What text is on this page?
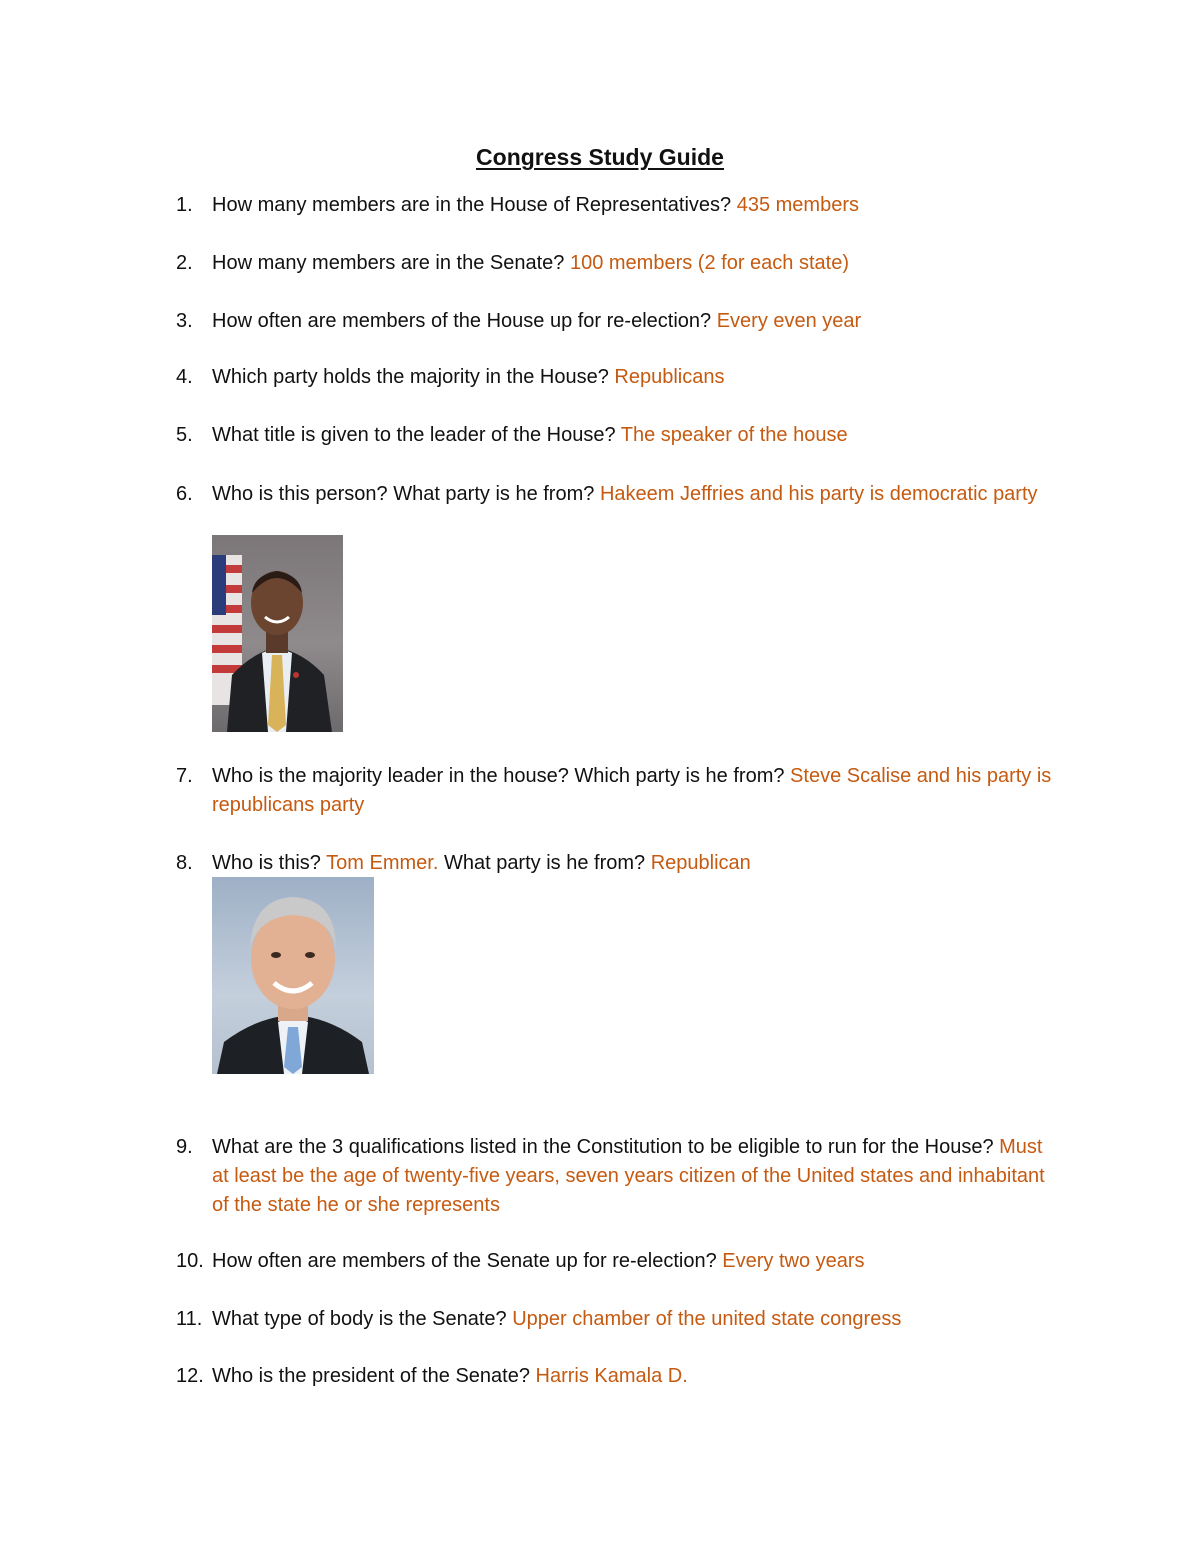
Congress Study Guide
1. How many members are in the House of Representatives? 435 members
2. How many members are in the Senate? 100 members (2 for each state)
3. How often are members of the House up for re-election? Every even year
4. Which party holds the majority in the House? Republicans
5. What title is given to the leader of the House? The speaker of the house
6. Who is this person? What party is he from? Hakeem Jeffries and his party is democratic party
7. Who is the majority leader in the house? Which party is he from? Steve Scalise and his party is republicans party
8. Who is this? Tom Emmer. What party is he from? Republican
9. What are the 3 qualifications listed in the Constitution to be eligible to run for the House? Must at least be the age of twenty-five years, seven years citizen of the United states and inhabitant of the state he or she represents
10. How often are members of the Senate up for re-election? Every two years
11. What type of body is the Senate? Upper chamber of the united state congress
12. Who is the president of the Senate? Harris Kamala D.
